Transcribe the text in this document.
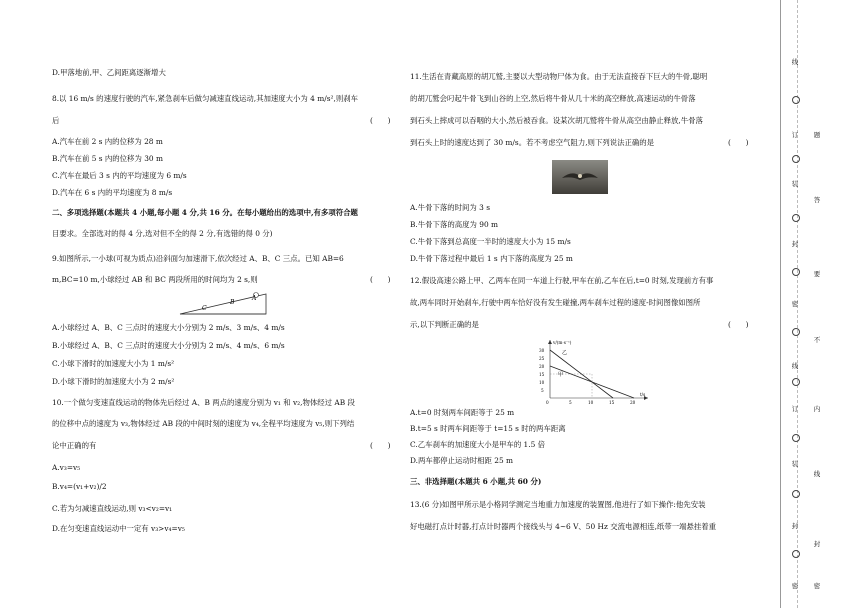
D.甲落地前,甲、乙间距离逐渐增大
8.以 16 m/s 的速度行驶的汽车,紧急刹车后做匀减速直线运动,其加速度大小为 4 m/s²,则刹车
后	(　　)
A.汽车在前 2 s 内的位移为 28 m
B.汽车在前 5 s 内的位移为 30 m
C.汽车在最后 3 s 内的平均速度为 6 m/s
D.汽车在 6 s 内的平均速度为 8 m/s
二、多项选择题(本题共 4 小题,每小题 4 分,共 16 分。在每小题给出的选项中,有多项符合题
目要求。全部选对的得 4 分,选对但不全的得 2 分,有选错的得 0 分)
9.如图所示,一小球(可视为质点)沿斜面匀加速滑下,依次经过 A、B、C 三点。已知 AB=6
m,BC=10 m,小球经过 AB 和 BC 两段所用的时间均为 2 s,则	(　　)
C
B
A
A.小球经过 A、B、C 三点时的速度大小分别为 2 m/s、3 m/s、4 m/s
B.小球经过 A、B、C 三点时的速度大小分别为 2 m/s、4 m/s、6 m/s
C.小球下滑时的加速度大小为 1 m/s²
D.小球下滑时的加速度大小为 2 m/s²
10.一个做匀变速直线运动的物体先后经过 A、B 两点的速度分别为 v₁ 和 v₂,物体经过 AB 段
的位移中点的速度为 v₃,物体经过 AB 段的中间时刻的速度为 v₄,全程平均速度为 v₅,则下列结
论中正确的有	(　　)
A.v₃=v₅
B.v₄=(v₁+v₂)/2
C.若为匀减速直线运动,则 v₃<v₂=v₁
D.在匀变速直线运动中一定有 v₃>v₄=v₅
11.生活在青藏高原的胡兀鹫,主要以大型动物尸体为食。由于无法直接吞下巨大的牛骨,聪明
的胡兀鹫会叼起牛骨飞到山谷的上空,然后将牛骨从几十米的高空释放,高速运动的牛骨落
到石头上摔成可以吞咽的大小,然后被吞食。设某次胡兀鹫将牛骨从高空由静止释放,牛骨落
到石头上时的速度达到了 30 m/s。若不考虑空气阻力,则下列说法正确的是	(　　)
A.牛骨下落的时间为 3 s
B.牛骨下落的高度为 90 m
C.牛骨下落到总高度一半时的速度大小为 15 m/s
D.牛骨下落过程中最后 1 s 内下落的高度为 25 m
12.假设高速公路上甲、乙两车在同一车道上行驶,甲车在前,乙车在后,t=0 时刻,发现前方有事
故,两车同时开始刹车,行驶中两车恰好没有发生碰撞,两车刹车过程的速度-时间图像如图所
示,以下判断正确的是	(　　)
v/(m·s⁻¹)
t/s
30
25
20
15
10
5
0	5	10	15	20
乙
甲
A.t=0 时刻两车间距等于 25 m
B.t=5 s 时两车间距等于 t=15 s 时的两车距离
C.乙车刹车的加速度大小是甲车的 1.5 倍
D.两车都停止运动时相距 25 m
三、非选择题(本题共 6 小题,共 60 分)
13.(6 分)如图甲所示是小格同学测定当地重力加速度的装置图,他进行了如下操作:他先安装
好电磁打点计时器,打点计时器两个接线头与 4~6 V、50 Hz 交流电源相连,纸带一端悬挂着重
线
订
装
封
密
线
订
装
封
密
题
答
要
不
内
线
封
密
